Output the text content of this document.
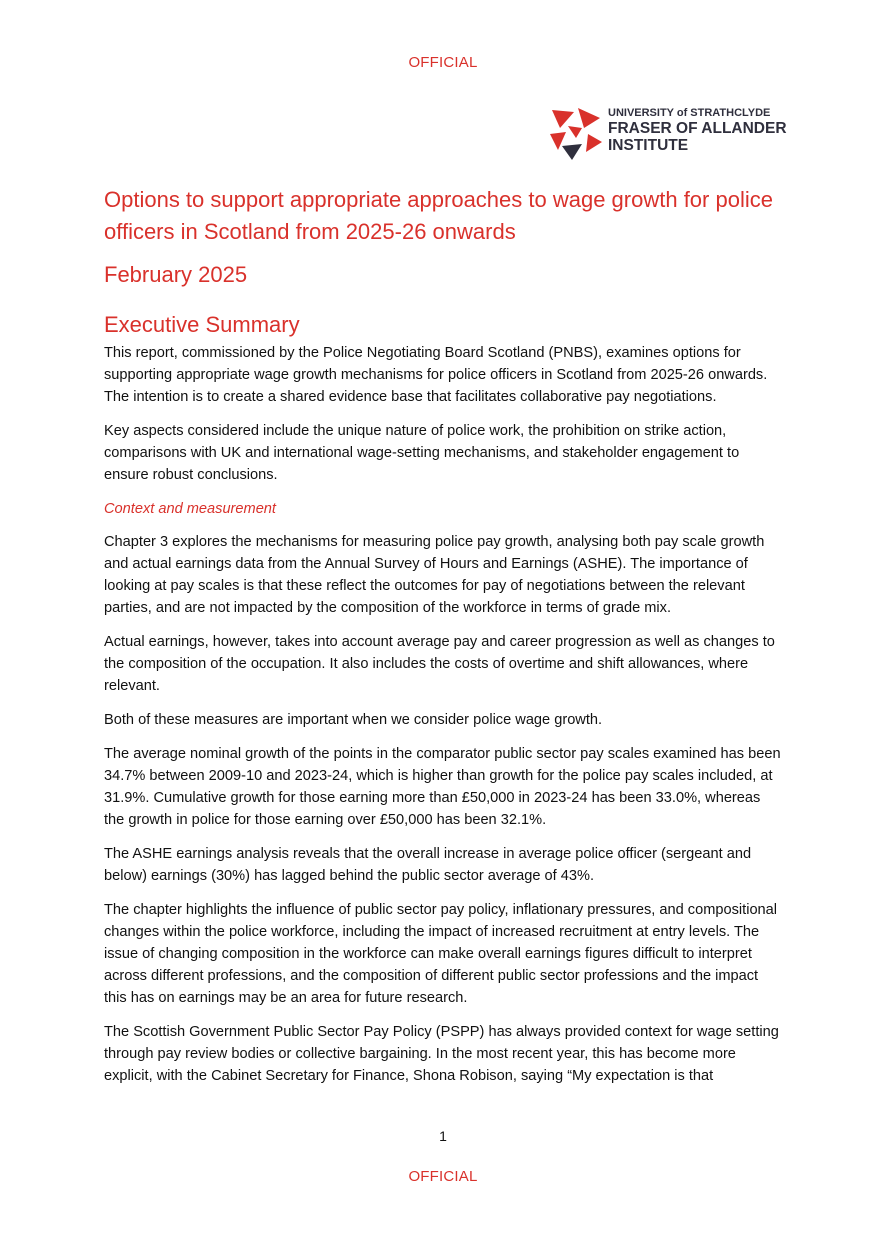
OFFICIAL
UNIVERSITY of STRATHCLYDE
FRASER OF ALLANDER
INSTITUTE
Options to support appropriate approaches to wage growth for police officers in Scotland from 2025-26 onwards
February 2025
Executive Summary

This report, commissioned by the Police Negotiating Board Scotland (PNBS), examines options for supporting appropriate wage growth mechanisms for police officers in Scotland from 2025-26 onwards. The intention is to create a shared evidence base that facilitates collaborative pay negotiations.

Key aspects considered include the unique nature of police work, the prohibition on strike action, comparisons with UK and international wage-setting mechanisms, and stakeholder engagement to ensure robust conclusions.

Context and measurement

Chapter 3 explores the mechanisms for measuring police pay growth, analysing both pay scale growth and actual earnings data from the Annual Survey of Hours and Earnings (ASHE). The importance of looking at pay scales is that these reflect the outcomes for pay of negotiations between the relevant parties, and are not impacted by the composition of the workforce in terms of grade mix.

Actual earnings, however, takes into account average pay and career progression as well as changes to the composition of the occupation. It also includes the costs of overtime and shift allowances, where relevant.

Both of these measures are important when we consider police wage growth.

The average nominal growth of the points in the comparator public sector pay scales examined has been 34.7% between 2009-10 and 2023-24, which is higher than growth for the police pay scales included, at 31.9%. Cumulative growth for those earning more than £50,000 in 2023-24 has been 33.0%, whereas the growth in police for those earning over £50,000 has been 32.1%.

The ASHE earnings analysis reveals that the overall increase in average police officer (sergeant and below) earnings (30%) has lagged behind the public sector average of 43%.

The chapter highlights the influence of public sector pay policy, inflationary pressures, and compositional changes within the police workforce, including the impact of increased recruitment at entry levels. The issue of changing composition in the workforce can make overall earnings figures difficult to interpret across different professions, and the composition of different public sector professions and the impact this has on earnings may be an area for future research.

The Scottish Government Public Sector Pay Policy (PSPP) has always provided context for wage setting through pay review bodies or collective bargaining. In the most recent year, this has become more explicit, with the Cabinet Secretary for Finance, Shona Robison, saying “My expectation is that

1
OFFICIAL
